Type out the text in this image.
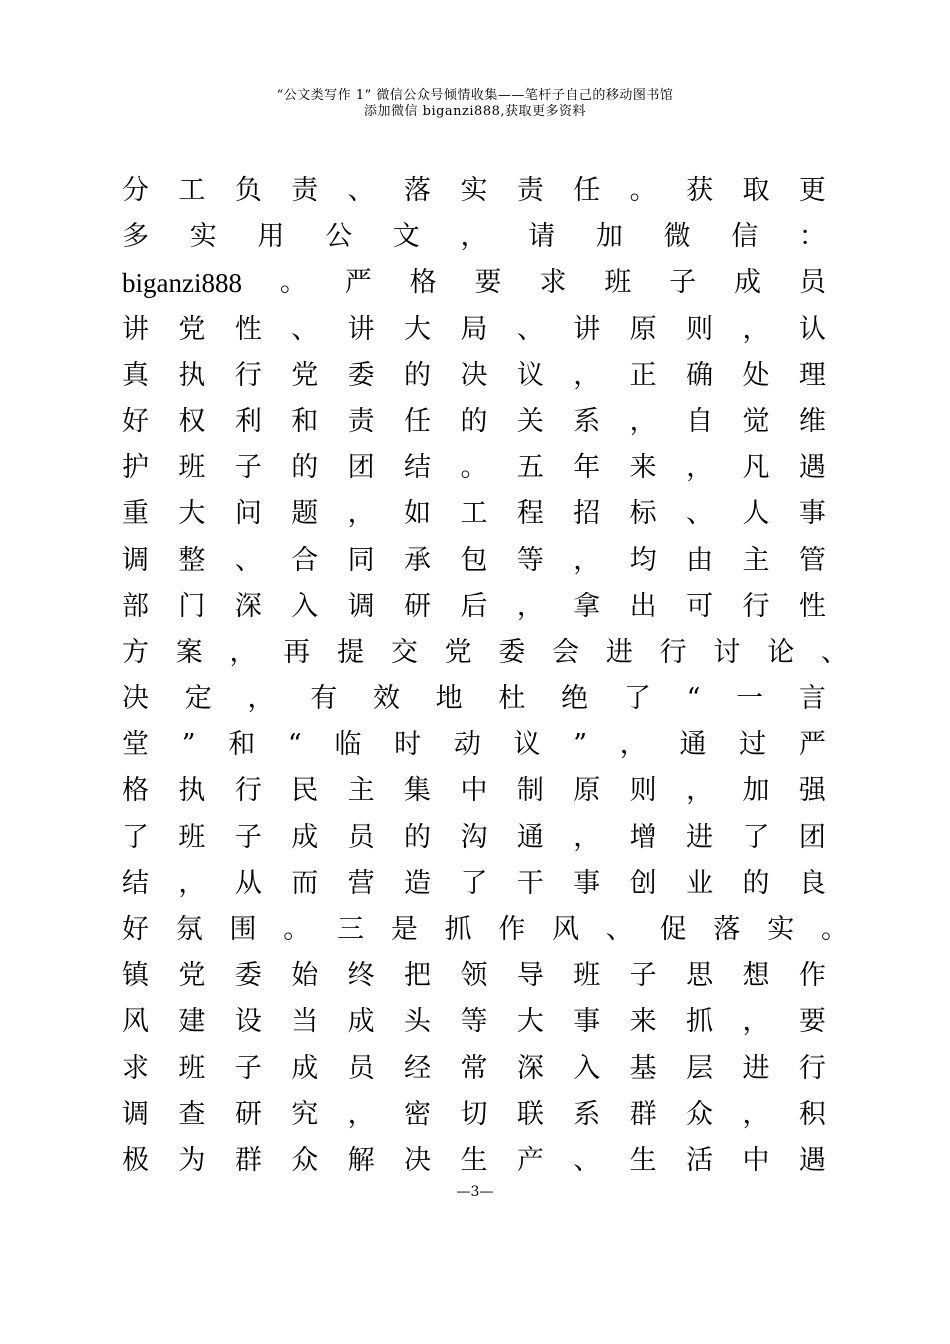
“公文类写作 1” 微信公众号倾情收集——笔杆子自己的移动图书馆
添加微信 biganzi888,获取更多资料
分 工 负 责 、 落 实 责 任 。 获 取 更
多 实 用 公 文 ， 请 加 微 信 ：
biganzi888 。 严 格 要 求 班 子 成 员
讲 党 性 、 讲 大 局 、 讲 原 则 ， 认
真 执 行 党 委 的 决 议 ， 正 确 处 理
好 权 利 和 责 任 的 关 系 ， 自 觉 维
护 班 子 的 团 结 。 五 年 来 ， 凡 遇
重 大 问 题 ， 如 工 程 招 标 、 人 事
调 整 、 合 同 承 包 等 ， 均 由 主 管
部 门 深 入 调 研 后 ， 拿 出 可 行 性
方 案 ， 再 提 交 党 委 会 进 行 讨 论 、
决 定 ， 有 效 地 杜 绝 了 “ 一 言
堂 ” 和 “ 临 时 动 议 ” ， 通 过 严
格 执 行 民 主 集 中 制 原 则 ， 加 强
了 班 子 成 员 的 沟 通 ， 增 进 了 团
结 ， 从 而 营 造 了 干 事 创 业 的 良
好 氛 围 。 三 是 抓 作 风 、 促 落 实 。
镇 党 委 始 终 把 领 导 班 子 思 想 作
风 建 设 当 成 头 等 大 事 来 抓 ， 要
求 班 子 成 员 经 常 深 入 基 层 进 行
调 查 研 究 ， 密 切 联 系 群 众 ， 积
极 为 群 众 解 决 生 产 、 生 活 中 遇
—3—
